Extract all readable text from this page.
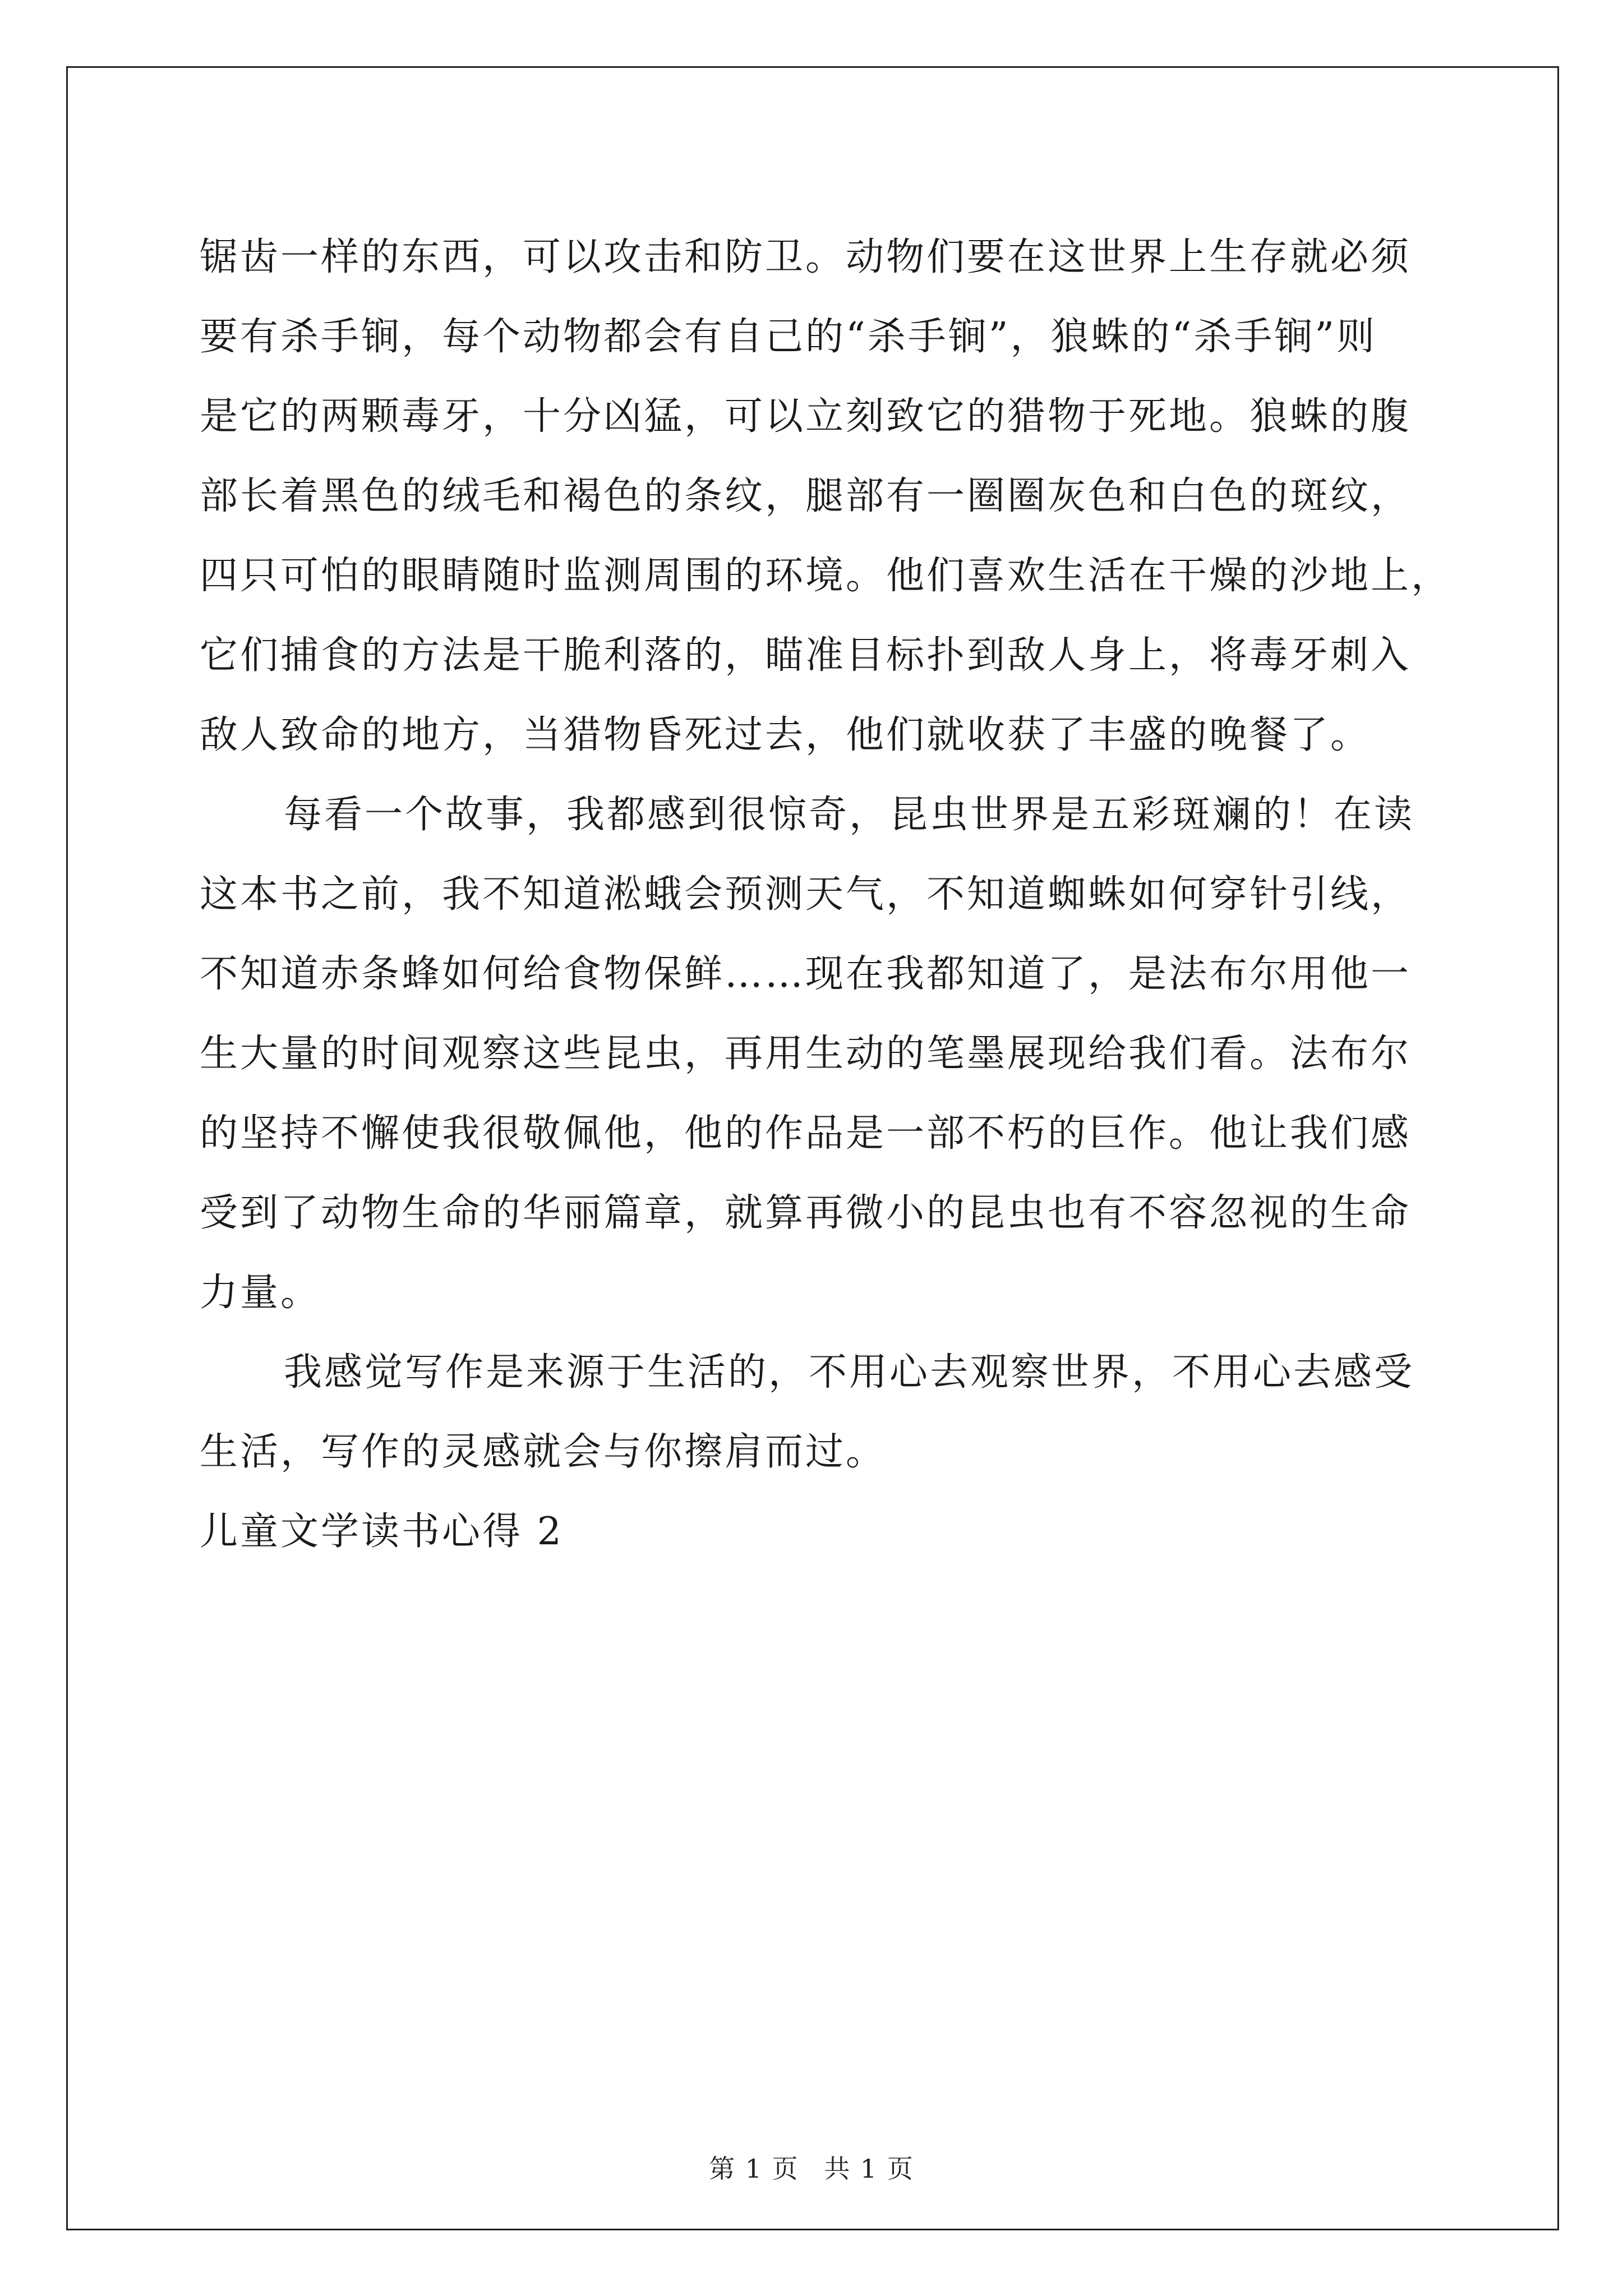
锯齿一样的东西，可以攻击和防卫。动物们要在这世界上生存就必须

要有杀手锏，每个动物都会有自己的“杀手锏”，狼蛛的“杀手锏”则

是它的两颗毒牙，十分凶猛，可以立刻致它的猎物于死地。狼蛛的腹

部长着黑色的绒毛和褐色的条纹，腿部有一圈圈灰色和白色的斑纹，

四只可怕的眼睛随时监测周围的环境。他们喜欢生活在干燥的沙地上，

它们捕食的方法是干脆利落的，瞄准目标扑到敌人身上，将毒牙刺入

敌人致命的地方，当猎物昏死过去，他们就收获了丰盛的晚餐了。

每看一个故事，我都感到很惊奇，昆虫世界是五彩斑斓的！在读

这本书之前，我不知道淞蛾会预测天气，不知道蜘蛛如何穿针引线，

不知道赤条蜂如何给食物保鲜……现在我都知道了，是法布尔用他一

生大量的时间观察这些昆虫，再用生动的笔墨展现给我们看。法布尔

的坚持不懈使我很敬佩他，他的作品是一部不朽的巨作。他让我们感

受到了动物生命的华丽篇章，就算再微小的昆虫也有不容忽视的生命

力量。

我感觉写作是来源于生活的，不用心去观察世界，不用心去感受

生活，写作的灵感就会与你擦肩而过。

儿童文学读书心得 2

第 1 页 共 1 页
